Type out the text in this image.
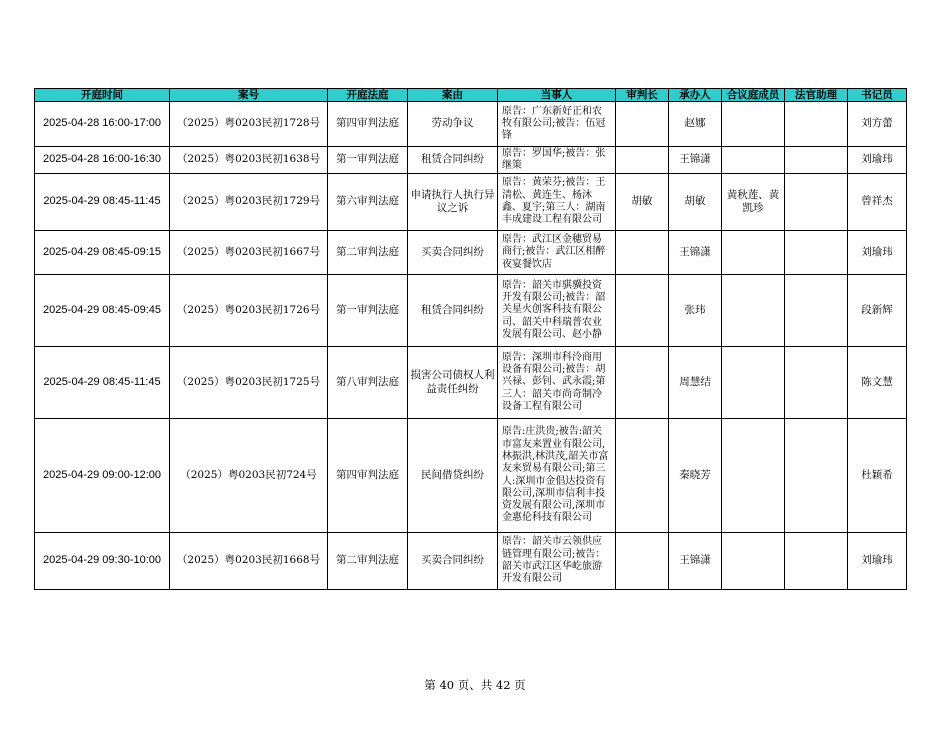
开庭时间	案号	开庭法庭	案由	当事人	审判长	承办人	合议庭成员	法官助理	书记员
2025-04-28 16:00-17:00	（2025）粤0203民初1728号	第四审判法庭	劳动争议	原告：广东新好正和农牧有限公司;被告：伍冠锋		赵娜			刘方蕾
2025-04-28 16:00-16:30	（2025）粤0203民初1638号	第一审判法庭	租赁合同纠纷	原告：罗国华;被告：张继策		王锦潇			刘瑜玮
2025-04-29 08:45-11:45	（2025）粤0203民初1729号	第六审判法庭	申请执行人执行异议之诉	原告：黄荣芬;被告：王清松、黄连生、杨沐鑫、夏宇;第三人：湖南丰成建设工程有限公司	胡敏	胡敏	黄秋莲、黄凯珍		曾祥杰
2025-04-29 08:45-09:15	（2025）粤0203民初1667号	第二审判法庭	买卖合同纠纷	原告：武江区金穗贸易商行;被告：武江区相醉夜宴餐饮店		王锦潇			刘瑜玮
2025-04-29 08:45-09:45	（2025）粤0203民初1726号	第一审判法庭	租赁合同纠纷	原告：韶关市骐骥投资开发有限公司;被告：韶关星火创客科技有限公司、韶关中科瑞普农业发展有限公司、赵小静		张玮			段新辉
2025-04-29 08:45-11:45	（2025）粤0203民初1725号	第八审判法庭	损害公司债权人利益责任纠纷	原告：深圳市科泠商用设备有限公司;被告：胡兴禄、彭钊、武永霞;第三人：韶关市尚奇制冷设备工程有限公司		周慧结			陈文慧
2025-04-29 09:00-12:00	（2025）粤0203民初724号	第四审判法庭	民间借贷纠纷	原告:庄洪贵;被告:韶关市富友来置业有限公司,林振洪,林洪茂,韶关市富友来贸易有限公司;第三人:深圳市金倡达投资有限公司,深圳市信利丰投资发展有限公司,深圳市金惠伦科技有限公司		秦晓芳			杜颖希
2025-04-29 09:30-10:00	（2025）粤0203民初1668号	第二审判法庭	买卖合同纠纷	原告：韶关市云领供应链管理有限公司;被告：韶关市武江区华屹旅游开发有限公司		王锦潇			刘瑜玮
第 40 页、共 42 页
